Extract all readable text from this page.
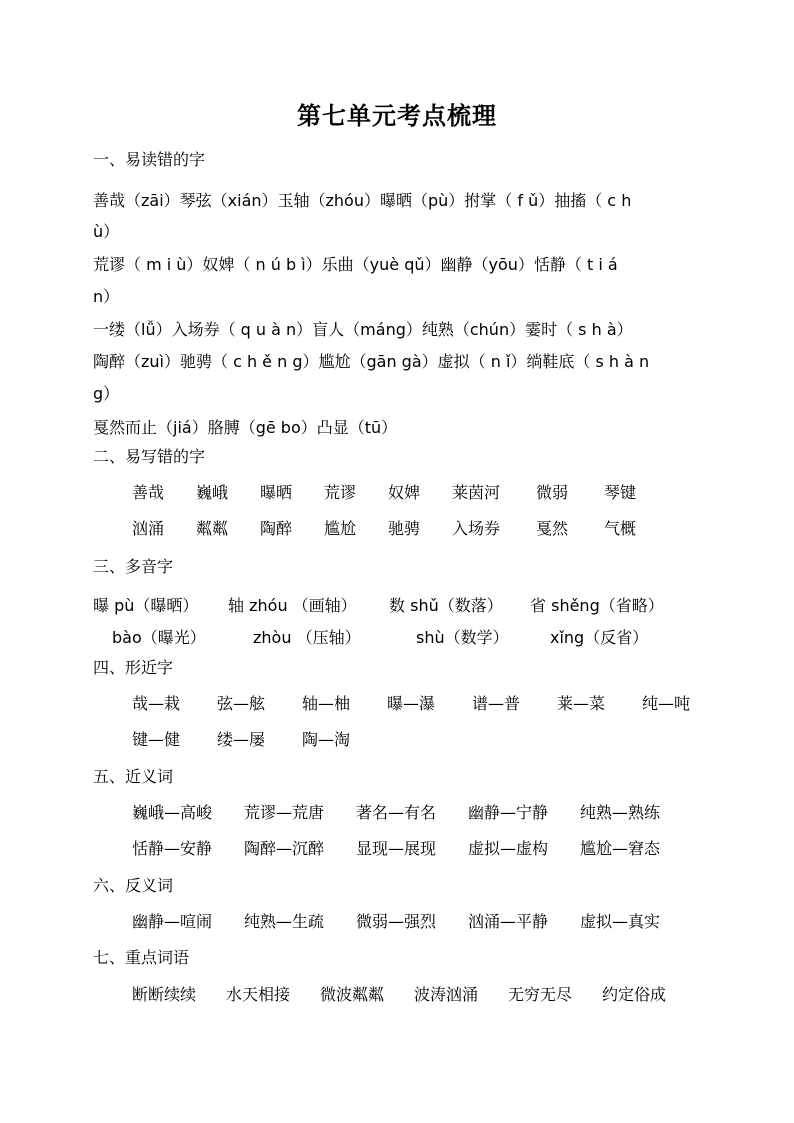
第七单元考点梳理
一、易读错的字
善哉（zāi）琴弦（xián）玉轴（zhóu）曝晒（pù）拊掌（ f ǔ）抽搐（ c h
ù）
荒谬（ m i ù）奴婢（ n ú b ì）乐曲（yuè qǔ）幽静（yōu）恬静（ t i á
n）
一缕（lǚ）入场券（ q u à n）盲人（máng）纯熟（chún）霎时（ s h à）
陶醉（zuì）驰骋（ c h ě n g）尴尬（gān gà）虚拟（ n ǐ）绱鞋底（ s h à n
g）
戛然而止（jiá）胳膊（gē bo）凸显（tū）
二、易写错的字
善哉 巍峨 曝晒 荒谬 奴婢 莱茵河 微弱 琴键
汹涌 粼粼 陶醉 尴尬 驰骋 入场券 戛然 气概
三、多音字
曝 pù（曝晒）
bào（曝光）
轴 zhóu （画轴）
zhòu （压轴）
数 shǔ（数落）
shù（数学）
省 shěng（省略）
xǐng（反省）
四、形近字
哉—栽 弦—舷 轴—柚 曝—瀑 谱—普 莱—菜 纯—吨
键—健 缕—屡 陶—淘
五、近义词
巍峨—高峻 荒谬—荒唐 著名—有名 幽静—宁静 纯熟—熟练
恬静—安静 陶醉—沉醉 显现—展现 虚拟—虚构 尴尬—窘态
六、反义词
幽静—喧闹 纯熟—生疏 微弱—强烈 汹涌—平静 虚拟—真实
七、重点词语
断断续续 水天相接 微波粼粼 波涛汹涌 无穷无尽 约定俗成
